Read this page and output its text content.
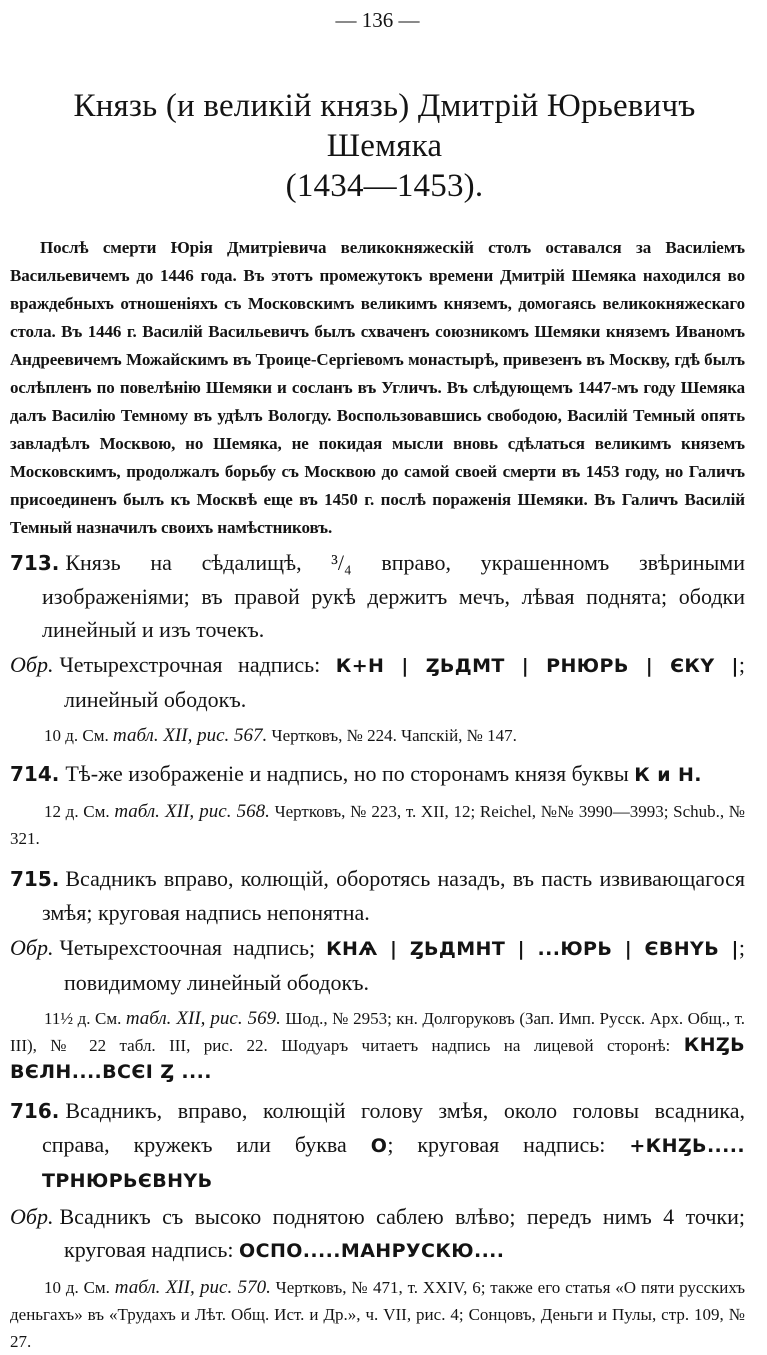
— 136 —
Князь (и великій князь) Дмитрій Юрьевичъ Шемяка
(1434—1453).
Послѣ смерти Юрія Дмитріевича великокняжескій столъ оставался за Василіемъ Васильевичемъ до 1446 года. Въ этотъ промежутокъ времени Дмитрій Шемяка находился во враждебныхъ отношеніяхъ съ Московскимъ великимъ княземъ, домогаясь великокняжескаго стола. Въ 1446 г. Василій Васильевичъ былъ схваченъ союзникомъ Шемяки княземъ Иваномъ Андреевичемъ Можайскимъ въ Троице-Сергіевомъ монастырѣ, привезенъ въ Москву, гдѣ былъ ослѣпленъ по повелѣнію Шемяки и сосланъ въ Угличъ. Въ слѣдующемъ 1447-мъ году Шемяка далъ Василію Темному въ удѣлъ Вологду. Воспользовавшись свободою, Василій Темный опять завладѣлъ Москвою, но Шемяка, не покидая мысли вновь сдѣлаться великимъ княземъ Московскимъ, продолжалъ борьбу съ Москвою до самой своей смерти въ 1453 году, но Галичъ присоединенъ былъ къ Москвѣ еще въ 1450 г. послѣ пораженія Шемяки. Въ Галичъ Василій Темный назначилъ своихъ намѣстниковъ.
713. Князь на сѣдалищѣ, ³/₄ вправо, украшенномъ звѣриными изображеніями; въ правой рукѣ держитъ мечъ, лѣвая поднята; ободки линейный и изъ точекъ.
Обр. Четырехстрочная надпись: К+Н | ȤЬДМТ | РНЮРЬ | ЄКY |; линейный ободокъ.
10 д. См. табл. XII, рис. 567. Чертковъ, № 224. Чапскій, № 147.
714. Тѣ-же изображеніе и надпись, но по сторонамъ князя буквы К и Н.
12 д. См. табл. XII, рис. 568. Чертковъ, № 223, т. XII, 12; Reichel, №№ 3990—3993; Schub., № 321.
715. Всадникъ вправо, колющій, оборотясь назадъ, въ пасть извивающагося змѣя; круговая надпись непонятна.
Обр. Четырехстоочная надпись; КНѦ | ȤЬДМНТ | ...ЮРЬ | ЄВНYЬ |; повидимому линейный ободокъ.
11½ д. См. табл. XII, рис. 569. Шод., № 2953; кн. Долгоруковъ (Зап. Имп. Русск. Арх. Общ., т. III), № 22 табл. III, рис. 22. Шодуаръ читаетъ надпись на лицевой сторонѣ: КНȤЬ ВЄЛН....ВСЄІ Ȥ ....
716. Всадникъ, вправо, колющій голову змѣя, около головы всадника, справа, кружекъ или буква О; круговая надпись: +КНȤЬ..... ТРНЮРЬЄВНYЬ
Обр. Всадникъ съ высоко поднятою саблею влѣво; передъ нимъ 4 точки; круговая надпись: ОСПО.....МАНРУСКЮ....
10 д. См. табл. XII, рис. 570. Чертковъ, № 471, т. XXIV, 6; также его статья «О пяти русскихъ деньгахъ» въ «Трудахъ и Лѣт. Общ. Ист. и Др.», ч. VII, рис. 4; Сонцовъ, Деньги и Пулы, стр. 109, № 27.
